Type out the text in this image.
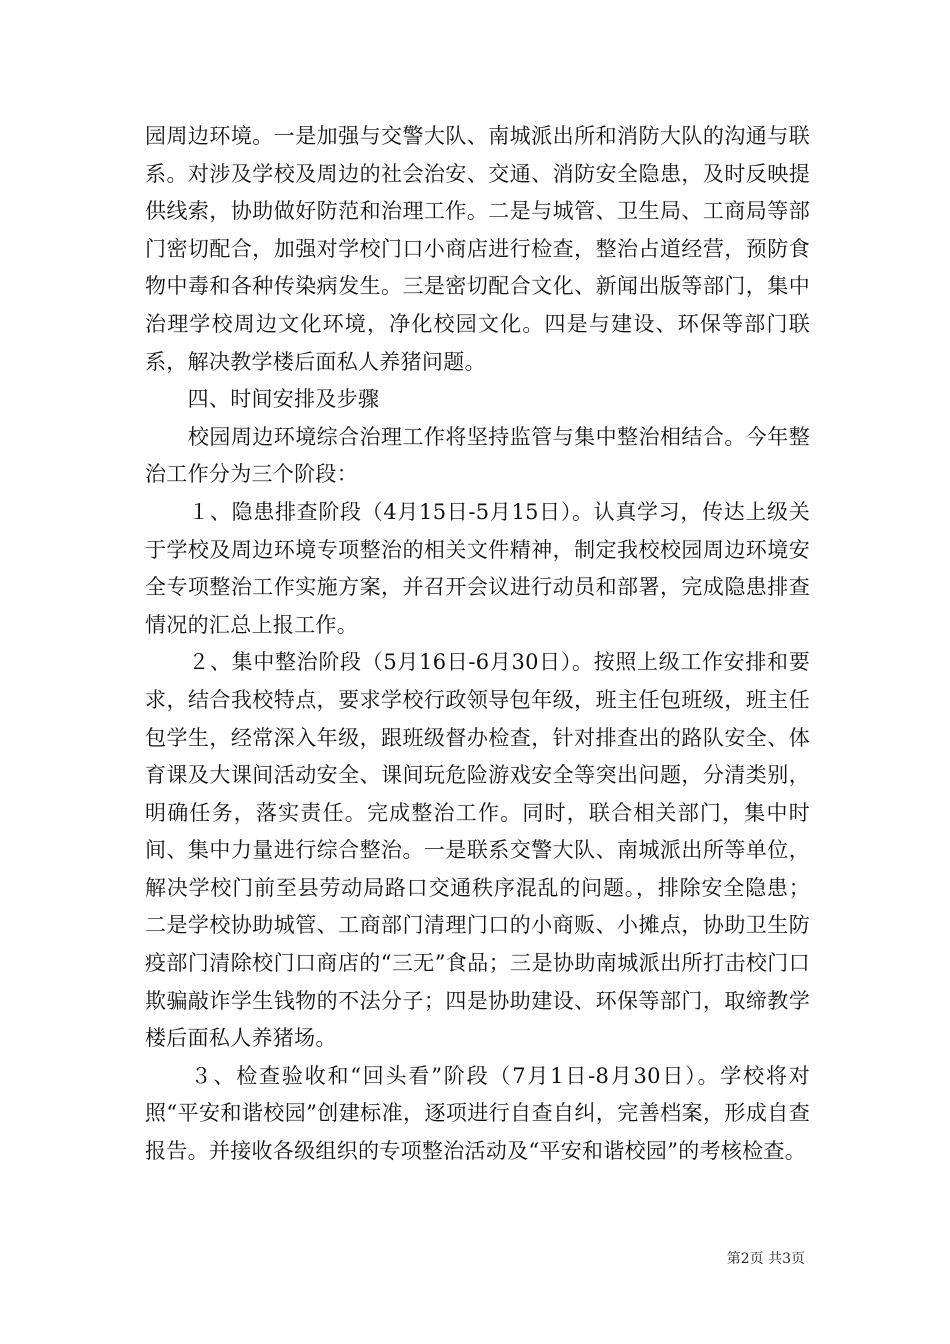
园周边环境。一是加强与交警大队、南城派出所和消防大队的沟通与联系。对涉及学校及周边的社会治安、交通、消防安全隐患，及时反映提供线索，协助做好防范和治理工作。二是与城管、卫生局、工商局等部门密切配合，加强对学校门口小商店进行检查，整治占道经营，预防食物中毒和各种传染病发生。三是密切配合文化、新闻出版等部门，集中治理学校周边文化环境，净化校园文化。四是与建设、环保等部门联系，解决教学楼后面私人养猪问题。

　　四、时间安排及步骤

　　校园周边环境综合治理工作将坚持监管与集中整治相结合。今年整治工作分为三个阶段：

　　１、隐患排查阶段（4月15日-5月15日）。认真学习，传达上级关于学校及周边环境专项整治的相关文件精神，制定我校校园周边环境安全专项整治工作实施方案，并召开会议进行动员和部署，完成隐患排查情况的汇总上报工作。

　　２、集中整治阶段（5月16日-6月30日）。按照上级工作安排和要求，结合我校特点，要求学校行政领导包年级，班主任包班级，班主任包学生，经常深入年级，跟班级督办检查，针对排查出的路队安全、体育课及大课间活动安全、课间玩危险游戏安全等突出问题，分清类别，明确任务，落实责任。完成整治工作。同时，联合相关部门，集中时间、集中力量进行综合整治。一是联系交警大队、南城派出所等单位，解决学校门前至县劳动局路口交通秩序混乱的问题。，排除安全隐患；二是学校协助城管、工商部门清理门口的小商贩、小摊点，协助卫生防疫部门清除校门口商店的“三无”食品；三是协助南城派出所打击校门口欺骗敲诈学生钱物的不法分子；四是协助建设、环保等部门，取缔教学楼后面私人养猪场。

　　３、检查验收和“回头看”阶段（7月1日-8月30日）。学校将对照“平安和谐校园”创建标准，逐项进行自查自纠，完善档案，形成自查报告。并接收各级组织的专项整治活动及“平安和谐校园”的考核检查。

第2页 共3页
